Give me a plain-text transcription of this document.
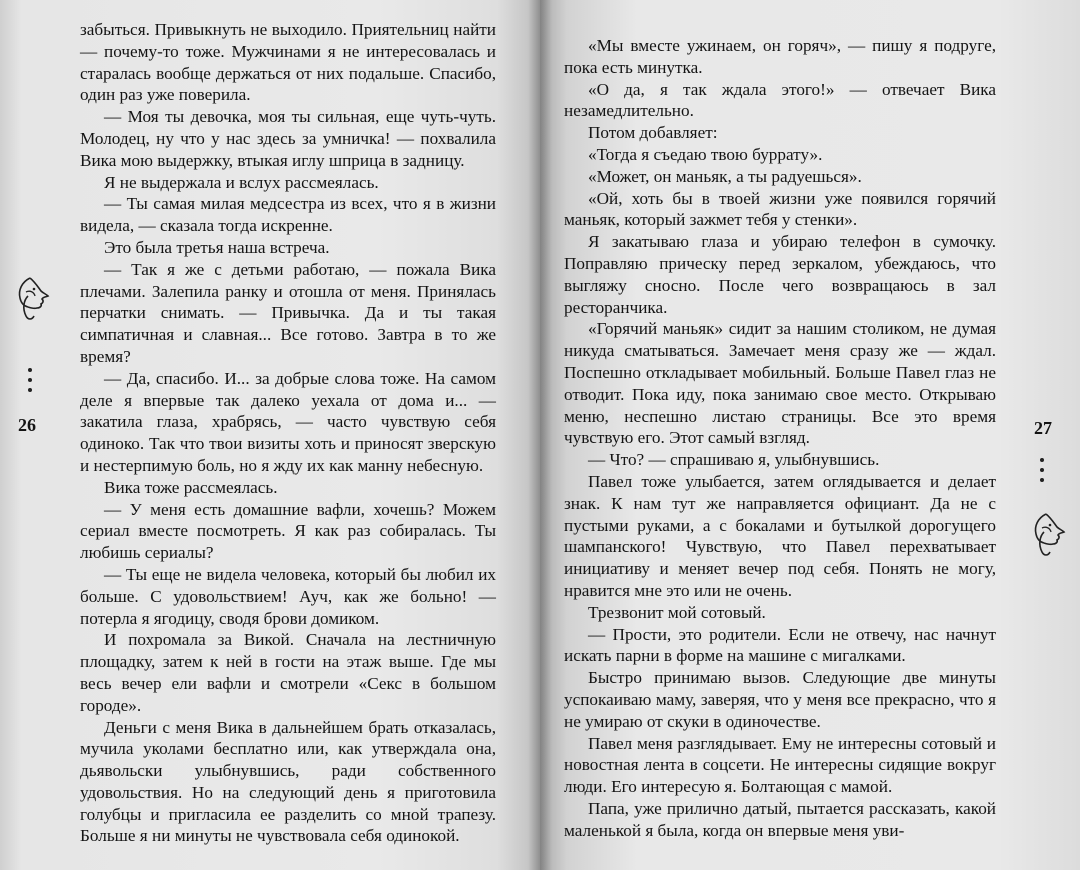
26

забыться. Привыкнуть не выходило. Приятельниц найти — почему-то тоже. Мужчинами я не интересовалась и старалась вообще держаться от них подальше. Спасибо, один раз уже поверила.

— Моя ты девочка, моя ты сильная, еще чуть-чуть. Молодец, ну что у нас здесь за умничка! — похвалила Вика мою выдержку, втыкая иглу шприца в задницу.

Я не выдержала и вслух рассмеялась.

— Ты самая милая медсестра из всех, что я в жизни видела, — сказала тогда искренне.

Это была третья наша встреча.

— Так я же с детьми работаю, — пожала Вика плечами. Залепила ранку и отошла от меня. Принялась перчатки снимать. — Привычка. Да и ты такая симпатичная и славная... Все готово. Завтра в то же время?

— Да, спасибо. И... за добрые слова тоже. На самом деле я впервые так далеко уехала от дома и... — закатила глаза, храбрясь, — часто чувствую себя одиноко. Так что твои визиты хоть и приносят зверскую и нестерпимую боль, но я жду их как манну небесную.

Вика тоже рассмеялась.

— У меня есть домашние вафли, хочешь? Можем сериал вместе посмотреть. Я как раз собиралась. Ты любишь сериалы?

— Ты еще не видела человека, который бы любил их больше. С удовольствием! Ауч, как же больно! — потерла я ягодицу, сводя брови домиком.

И похромала за Викой. Сначала на лестничную площадку, затем к ней в гости на этаж выше. Где мы весь вечер ели вафли и смотрели «Секс в большом городе».

Деньги с меня Вика в дальнейшем брать отказалась, мучила уколами бесплатно или, как утверждала она, дьявольски улыбнувшись, ради собственного удовольствия. Но на следующий день я приготовила голубцы и пригласила ее разделить со мной трапезу. Больше я ни минуты не чувствовала себя одинокой.

«Мы вместе ужинаем, он горяч», — пишу я подруге, пока есть минутка.

«О да, я так ждала этого!» — отвечает Вика незамедлительно.

Потом добавляет:

«Тогда я съедаю твою буррату».

«Может, он маньяк, а ты радуешься».

«Ой, хоть бы в твоей жизни уже появился горячий маньяк, который зажмет тебя у стенки».

Я закатываю глаза и убираю телефон в сумочку. Поправляю прическу перед зеркалом, убеждаюсь, что выгляжу сносно. После чего возвращаюсь в зал ресторанчика.

«Горячий маньяк» сидит за нашим столиком, не думая никуда сматываться. Замечает меня сразу же — ждал. Поспешно откладывает мобильный. Больше Павел глаз не отводит. Пока иду, пока занимаю свое место. Открываю меню, неспешно листаю страницы. Все это время чувствую его. Этот самый взгляд.

— Что? — спрашиваю я, улыбнувшись.

Павел тоже улыбается, затем оглядывается и делает знак. К нам тут же направляется официант. Да не с пустыми руками, а с бокалами и бутылкой дорогущего шампанского! Чувствую, что Павел перехватывает инициативу и меняет вечер под себя. Понять не могу, нравится мне это или не очень.

Трезвонит мой сотовый.

— Прости, это родители. Если не отвечу, нас начнут искать парни в форме на машине с мигалками.

Быстро принимаю вызов. Следующие две минуты успокаиваю маму, заверяя, что у меня все прекрасно, что я не умираю от скуки в одиночестве.

Павел меня разглядывает. Ему не интересны сотовый и новостная лента в соцсети. Не интересны сидящие вокруг люди. Его интересую я. Болтающая с мамой.

Папа, уже прилично датый, пытается рассказать, какой маленькой я была, когда он впервые меня уви-

27
